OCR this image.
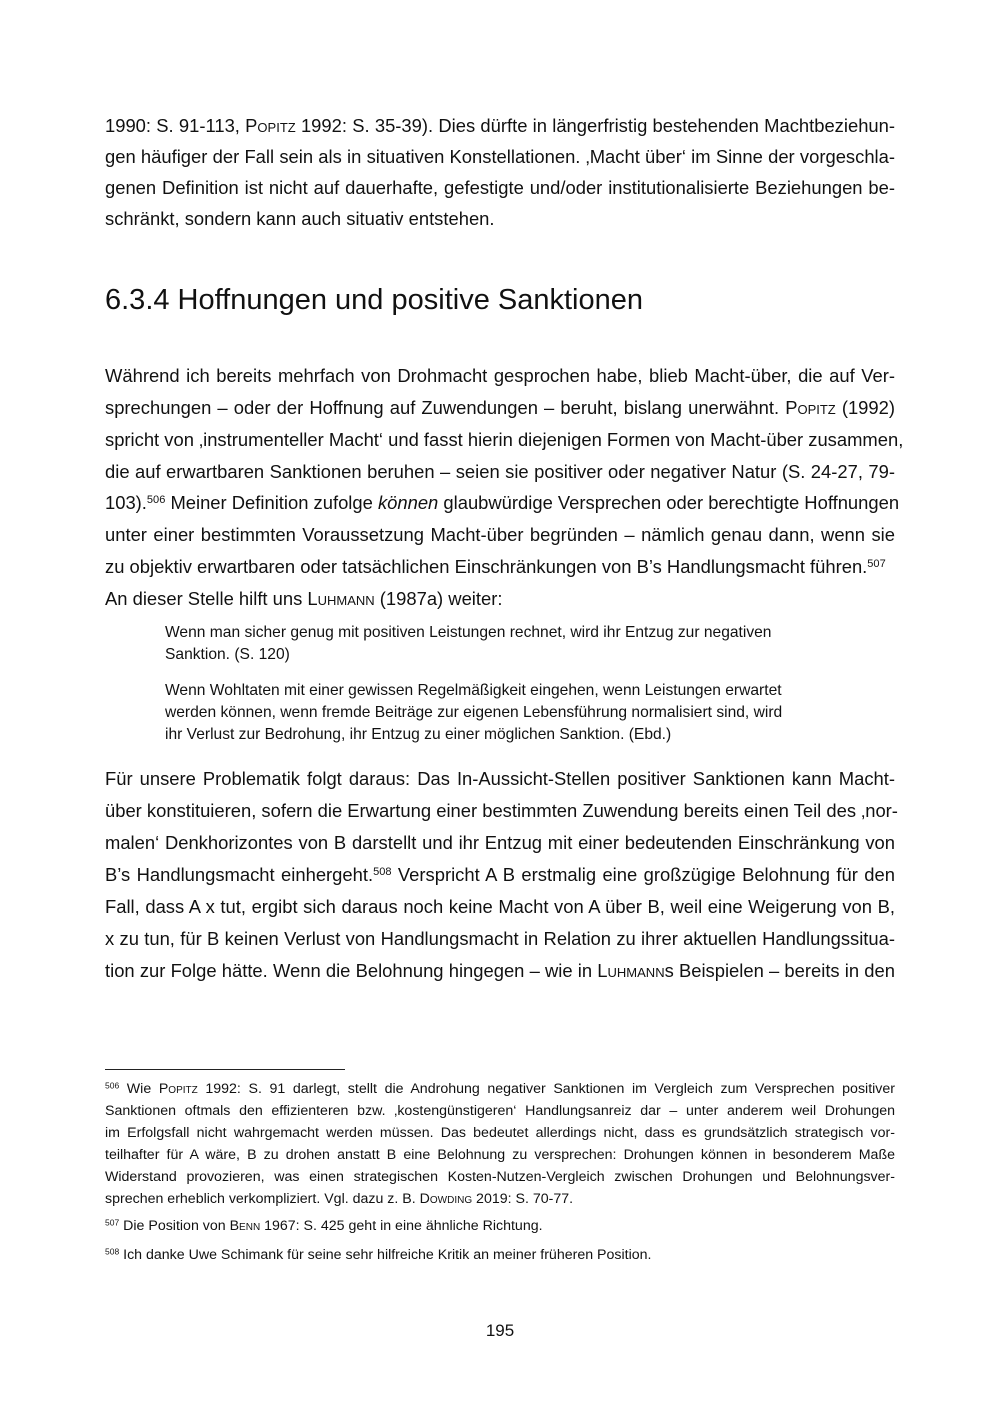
1990: S. 91-113, Popitz 1992: S. 35-39). Dies dürfte in längerfristig bestehenden Machtbeziehun-

gen häufiger der Fall sein als in situativen Konstellationen. ‚Macht über‘ im Sinne der vorgeschla-

genen Definition ist nicht auf dauerhafte, gefestigte und/oder institutionalisierte Beziehungen be-

schränkt, sondern kann auch situativ entstehen.

6.3.4 Hoffnungen und positive Sanktionen

Während ich bereits mehrfach von Drohmacht gesprochen habe, blieb Macht-über, die auf Ver-

sprechungen – oder der Hoffnung auf Zuwendungen – beruht, bislang unerwähnt. Popitz (1992)

spricht von ‚instrumenteller Macht‘ und fasst hierin diejenigen Formen von Macht-über zusammen,

die auf erwartbaren Sanktionen beruhen – seien sie positiver oder negativer Natur (S. 24-27, 79-

103).$^{506}$ Meiner Definition zufolge können glaubwürdige Versprechen oder berechtigte Hoffnungen

unter einer bestimmten Voraussetzung Macht-über begründen – nämlich genau dann, wenn sie

zu objektiv erwartbaren oder tatsächlichen Einschränkungen von B’s Handlungsmacht führen.$^{507}$

An dieser Stelle hilft uns Luhmann (1987a) weiter:

Wenn man sicher genug mit positiven Leistungen rechnet, wird ihr Entzug zur negativen

Sanktion. (S. 120)

Wenn Wohltaten mit einer gewissen Regelmäßigkeit eingehen, wenn Leistungen erwartet

werden können, wenn fremde Beiträge zur eigenen Lebensführung normalisiert sind, wird

ihr Verlust zur Bedrohung, ihr Entzug zu einer möglichen Sanktion. (Ebd.)

Für unsere Problematik folgt daraus: Das In-Aussicht-Stellen positiver Sanktionen kann Macht-

über konstituieren, sofern die Erwartung einer bestimmten Zuwendung bereits einen Teil des ‚nor-

malen‘ Denkhorizontes von B darstellt und ihr Entzug mit einer bedeutenden Einschränkung von

B’s Handlungsmacht einhergeht.$^{508}$ Verspricht A B erstmalig eine großzügige Belohnung für den

Fall, dass A x tut, ergibt sich daraus noch keine Macht von A über B, weil eine Weigerung von B,

x zu tun, für B keinen Verlust von Handlungsmacht in Relation zu ihrer aktuellen Handlungssitua-

tion zur Folge hätte. Wenn die Belohnung hingegen – wie in Luhmanns Beispielen – bereits in den

$^{506}$ Wie Popitz 1992: S. 91 darlegt, stellt die Androhung negativer Sanktionen im Vergleich zum Versprechen positiver

Sanktionen oftmals den effizienteren bzw. ‚kostengünstigeren‘ Handlungsanreiz dar – unter anderem weil Drohungen

im Erfolgsfall nicht wahrgemacht werden müssen. Das bedeutet allerdings nicht, dass es grundsätzlich strategisch vor-

teilhafter für A wäre, B zu drohen anstatt B eine Belohnung zu versprechen: Drohungen können in besonderem Maße

Widerstand provozieren, was einen strategischen Kosten-Nutzen-Vergleich zwischen Drohungen und Belohnungsver-

sprechen erheblich verkompliziert. Vgl. dazu z. B. Dowding 2019: S. 70-77.

$^{507}$ Die Position von Benn 1967: S. 425 geht in eine ähnliche Richtung.

$^{508}$ Ich danke Uwe Schimank für seine sehr hilfreiche Kritik an meiner früheren Position.

195
